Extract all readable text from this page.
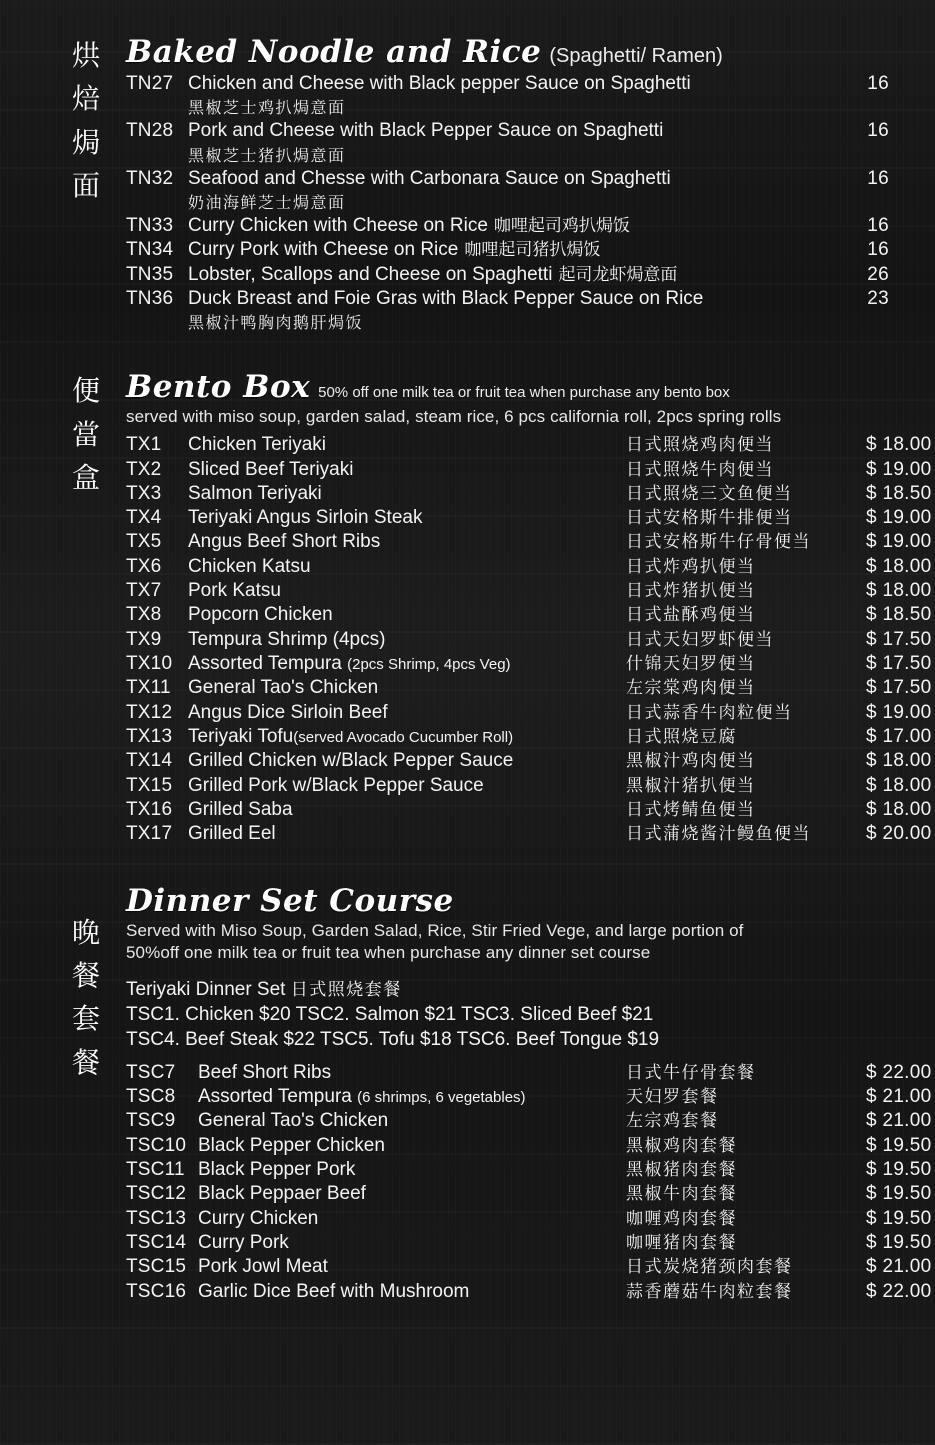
烘
焙
焗
面
Baked Noodle and Rice (Spaghetti/ Ramen)
TN27 Chicken and Cheese with Black pepper Sauce on Spaghetti	16
黑椒芝士鸡扒焗意面
TN28 Pork and Cheese with Black Pepper Sauce on Spaghetti	16
黑椒芝士猪扒焗意面
TN32 Seafood and Chesse with Carbonara Sauce on Spaghetti	16
奶油海鲜芝士焗意面
TN33 Curry Chicken with Cheese on Rice 咖哩起司鸡扒焗饭	16
TN34 Curry Pork with Cheese on Rice 咖哩起司猪扒焗饭	16
TN35 Lobster, Scallops and Cheese on Spaghetti 起司龙虾焗意面	26
TN36 Duck Breast and Foie Gras with Black Pepper Sauce on Rice	23
黑椒汁鸭胸肉鹅肝焗饭
便
當
盒
Bento Box 50% off one milk tea or fruit tea when purchase any bento box
served with miso soup, garden salad, steam rice, 6 pcs california roll, 2pcs spring rolls
TX1	Chicken Teriyaki	日式照烧鸡肉便当	$ 18.00
TX2	Sliced Beef Teriyaki	日式照烧牛肉便当	$ 19.00
TX3	Salmon Teriyaki	日式照烧三文鱼便当	$ 18.50
TX4	Teriyaki Angus Sirloin Steak	日式安格斯牛排便当	$ 19.00
TX5	Angus Beef Short Ribs	日式安格斯牛仔骨便当	$ 19.00
TX6	Chicken Katsu	日式炸鸡扒便当	$ 18.00
TX7	Pork Katsu	日式炸猪扒便当	$ 18.00
TX8	Popcorn Chicken	日式盐酥鸡便当	$ 18.50
TX9	Tempura Shrimp (4pcs)	日式天妇罗虾便当	$ 17.50
TX10 Assorted Tempura (2pcs Shrimp, 4pcs Veg)	什锦天妇罗便当	$ 17.50
TX11 General Tao's Chicken	左宗棠鸡肉便当	$ 17.50
TX12 Angus Dice Sirloin Beef	日式蒜香牛肉粒便当	$ 19.00
TX13 Teriyaki Tofu(served Avocado Cucumber Roll)	日式照烧豆腐	$ 17.00
TX14 Grilled Chicken w/Black Pepper Sauce	黑椒汁鸡肉便当	$ 18.00
TX15 Grilled Pork w/Black Pepper Sauce	黑椒汁猪扒便当	$ 18.00
TX16 Grilled Saba	日式烤鲭鱼便当	$ 18.00
TX17 Grilled Eel	日式蒲烧酱汁鳗鱼便当	$ 20.00
晚
餐
套
餐
Dinner Set Course
Served with Miso Soup, Garden Salad, Rice, Stir Fried Vege, and large portion of
50%off one milk tea or fruit tea when purchase any dinner set course
Teriyaki Dinner Set 日式照烧套餐
TSC1. Chicken $20 TSC2. Salmon $21 TSC3. Sliced Beef $21
TSC4. Beef Steak $22 TSC5. Tofu $18 TSC6. Beef Tongue $19
TSC7	Beef Short Ribs	日式牛仔骨套餐	$ 22.00
TSC8	Assorted Tempura (6 shrimps, 6 vegetables)	天妇罗套餐	$ 21.00
TSC9	General Tao's Chicken	左宗鸡套餐	$ 21.00
TSC10 Black Pepper Chicken	黑椒鸡肉套餐	$ 19.50
TSC11 Black Pepper Pork	黑椒猪肉套餐	$ 19.50
TSC12 Black Peppaer Beef	黑椒牛肉套餐	$ 19.50
TSC13 Curry Chicken	咖喱鸡肉套餐	$ 19.50
TSC14 Curry Pork	咖喱猪肉套餐	$ 19.50
TSC15 Pork Jowl Meat	日式炭烧猪颈肉套餐	$ 21.00
TSC16 Garlic Dice Beef with Mushroom	蒜香蘑菇牛肉粒套餐	$ 22.00
